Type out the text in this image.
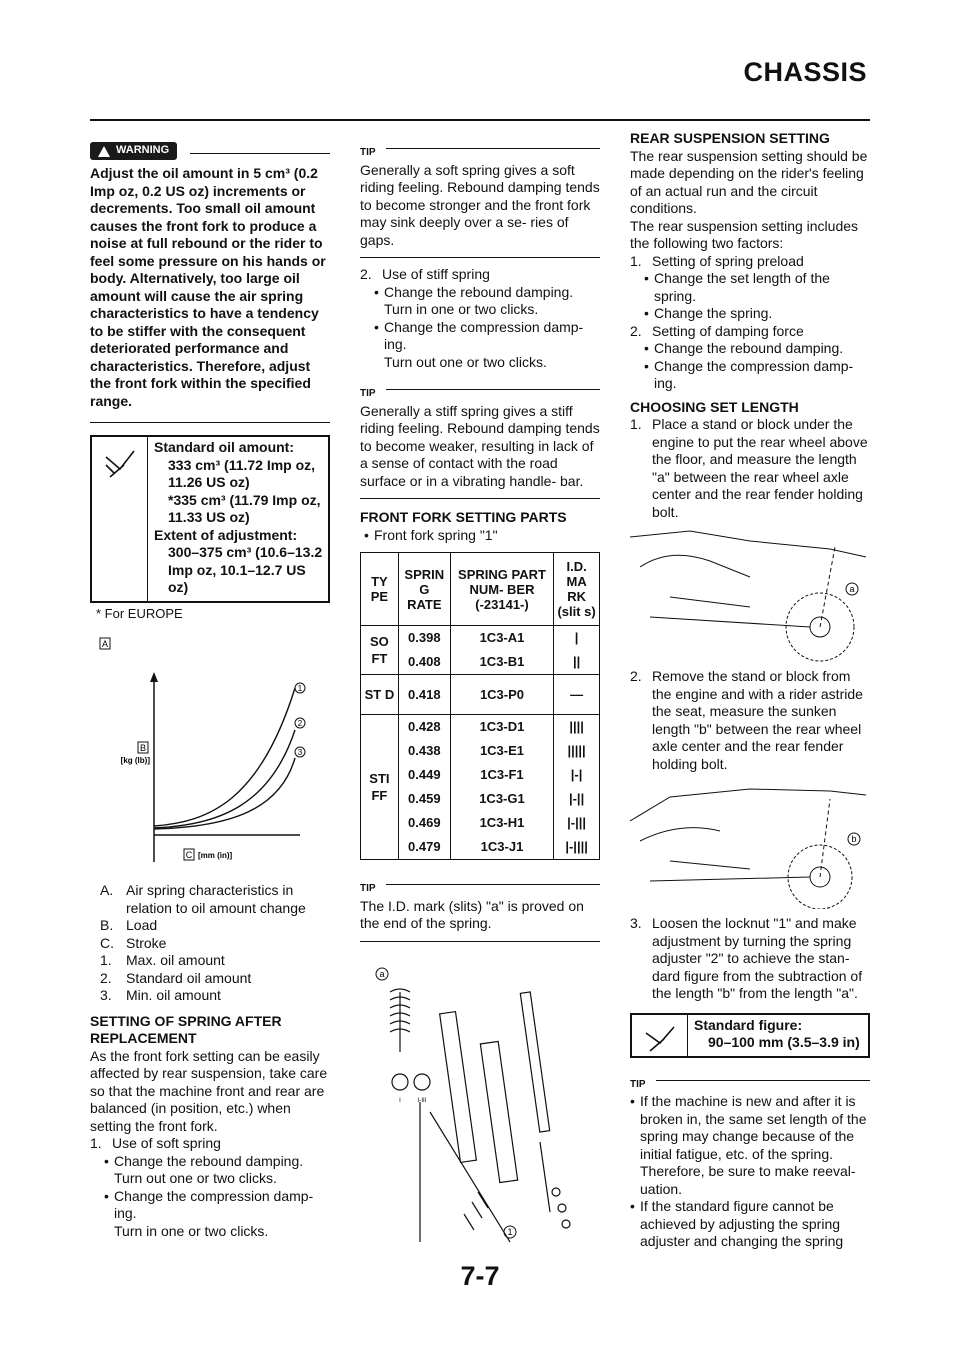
CHASSIS
WARNING
Adjust the oil amount in 5 cm³ (0.2 Imp oz, 0.2 US oz) increments or decrements. Too small oil amount causes the front fork to produce a noise at full rebound or the rider to feel some pressure on his hands or body. Alternatively, too large oil amount will cause the air spring characteristics to have a tendency to be stiffer with the consequent deteriorated performance and characteristics. Therefore, adjust the front fork within the specified range.
Standard oil amount:
333 cm³ (11.72 Imp oz, 11.26 US oz)
*335 cm³ (11.79 Imp oz, 11.33 US oz)
Extent of adjustment:
300–375 cm³ (10.6–13.2 Imp oz, 10.1–12.7 US oz)
* For EUROPE
A
1
2
3
B
[kg (lb)]
C [mm (in)]
A. Air spring characteristics in relation to oil amount change
B. Load
C. Stroke
1.	Max. oil amount
2.	Standard oil amount
3.	Min. oil amount
SETTING OF SPRING AFTER REPLACEMENT
As the front fork setting can be easily affected by rear suspension, take care so that the machine front and rear are balanced (in position, etc.) when setting the front fork.
1. Use of soft spring
• Change the rebound damping.
Turn out one or two clicks.
• Change the compression damp- ing.
Turn in one or two clicks.
TIP
Generally a soft spring gives a soft riding feeling. Rebound damping tends to become stronger and the front fork may sink deeply over a se- ries of gaps.
2. Use of stiff spring
• Change the rebound damping.
Turn in one or two clicks.
• Change the compression damp- ing.
Turn out one or two clicks.
TIP
Generally a stiff spring gives a stiff riding feeling. Rebound damping tends to become weaker, resulting in lack of a sense of contact with the road surface or in a vibrating handle- bar.
FRONT FORK SETTING PARTS
• Front fork spring "1"
TY PE	SPRIN G RATE	SPRING PART NUM- BER (-23141-)	I.D. MA RK (slit s)
SO FT	0.398	1C3-A1	|
	0.408	1C3-B1	||
ST D	0.418	1C3-P0	—
STI FF	0.428	1C3-D1	||||
	0.438	1C3-E1	|||||
	0.449	1C3-F1	|-|
	0.459	1C3-G1	|-||
	0.469	1C3-H1	|-|||
	0.479	1C3-J1	|-||||
TIP
The I.D. mark (slits) "a" is proved on the end of the spring.
a
1
I	I-III
REAR SUSPENSION SETTING
The rear suspension setting should be made depending on the rider's feeling of an actual run and the circuit conditions.
The rear suspension setting includes the following two factors:
1. Setting of spring preload
• Change the set length of the spring.
• Change the spring.
2. Setting of damping force
• Change the rebound damping.
• Change the compression damp- ing.
CHOOSING SET LENGTH
1. Place a stand or block under the engine to put the rear wheel above the floor, and measure the length "a" between the rear wheel axle center and the rear fender holding bolt.
a
2. Remove the stand or block from the engine and with a rider astride the seat, measure the sunken length "b" between the rear wheel axle center and the rear fender holding bolt.
b
3. Loosen the locknut "1" and make adjustment by turning the spring adjuster "2" to achieve the stan- dard figure from the subtraction of the length "b" from the length "a".
Standard figure:
90–100 mm (3.5–3.9 in)
TIP
• If the machine is new and after it is broken in, the same set length of the spring may change because of the initial fatigue, etc. of the spring. Therefore, be sure to make reeval- uation.
• If the standard figure cannot be achieved by adjusting the spring adjuster and changing the spring
7-7
